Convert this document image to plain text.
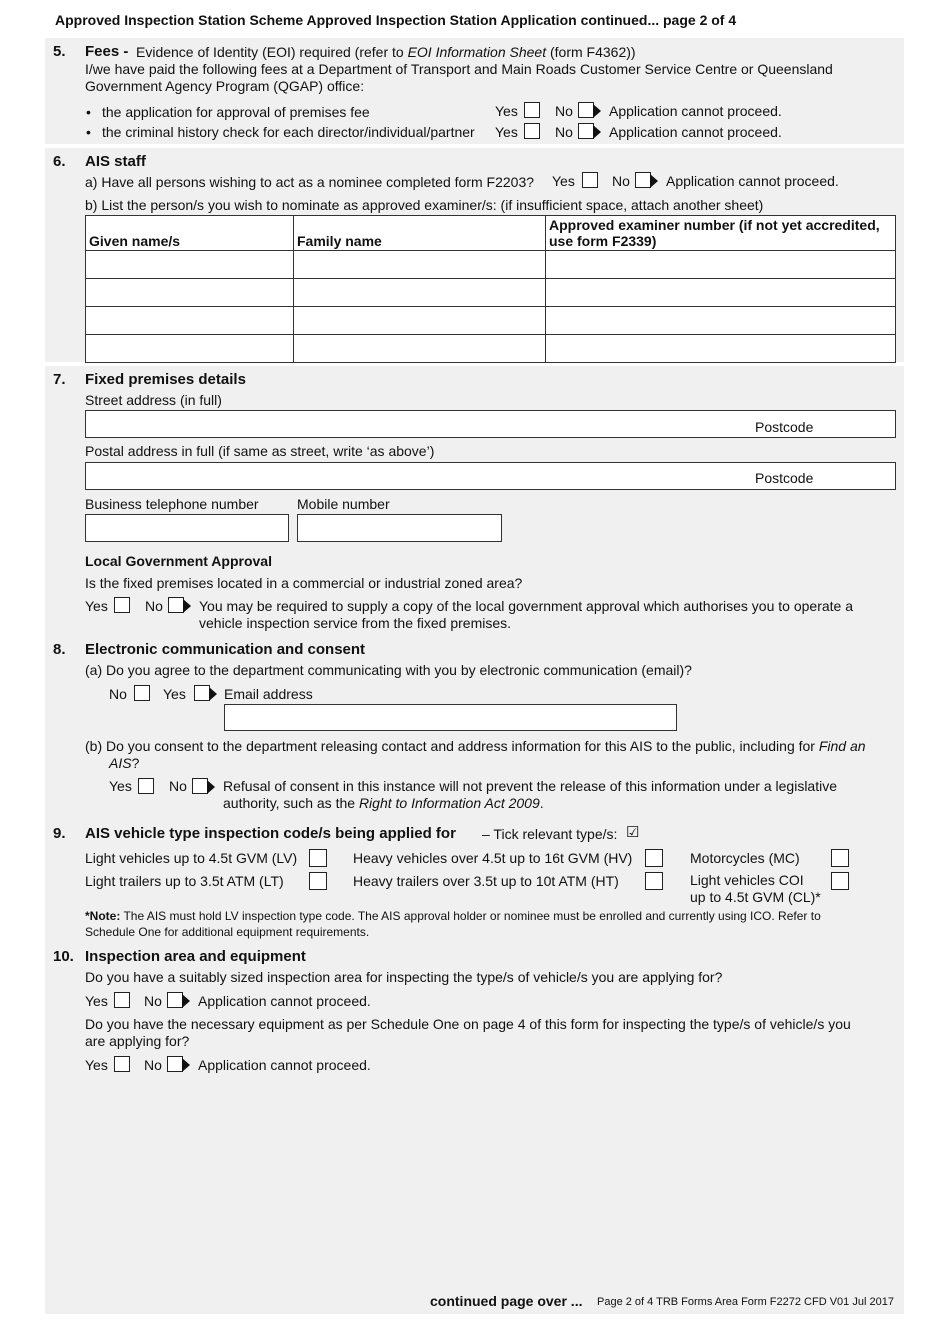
Approved Inspection Station Scheme Approved Inspection Station Application continued... page 2 of 4
5. Fees - Evidence of Identity (EOI) required (refer to EOI Information Sheet (form F4362))
I/we have paid the following fees at a Department of Transport and Main Roads Customer Service Centre or Queensland
Government Agency Program (QGAP) office:
• the application for approval of premises fee	Yes	No	Application cannot proceed.
• the criminal history check for each director/individual/partner Yes	No	Application cannot proceed.
6. AIS staff
a) Have all persons wishing to act as a nominee completed form F2203? Yes	No	Application cannot proceed.
b) List the person/s you wish to nominate as approved examiner/s: (if insufficient space, attach another sheet)
Given name/s	Family name	Approved examiner number (if not yet accredited, use form F2339)

7. Fixed premises details
Street address (in full)
Postcode
Postal address in full (if same as street, write ‘as above’)
Postcode
Business telephone number	Mobile number
Local Government Approval
Is the fixed premises located in a commercial or industrial zoned area?
Yes	No	You may be required to supply a copy of the local government approval which authorises you to operate a
vehicle inspection service from the fixed premises.
8. Electronic communication and consent
(a) Do you agree to the department communicating with you by electronic communication (email)?
No	Yes	Email address
(b) Do you consent to the department releasing contact and address information for this AIS to the public, including for Find an
AIS?
Yes	No	Refusal of consent in this instance will not prevent the release of this information under a legislative
authority, such as the Right to Information Act 2009.
9. AIS vehicle type inspection code/s being applied for – Tick relevant type/s: ☑
Light vehicles up to 4.5t GVM (LV)	Heavy vehicles over 4.5t up to 16t GVM (HV)	Motorcycles (MC)
Light trailers up to 3.5t ATM (LT)	Heavy trailers over 3.5t up to 10t ATM (HT)	Light vehicles COI
up to 4.5t GVM (CL)*
*Note: The AIS must hold LV inspection type code. The AIS approval holder or nominee must be enrolled and currently using ICO. Refer to
Schedule One for additional equipment requirements.
10. Inspection area and equipment
Do you have a suitably sized inspection area for inspecting the type/s of vehicle/s you are applying for?
Yes	No	Application cannot proceed.
Do you have the necessary equipment as per Schedule One on page 4 of this form for inspecting the type/s of vehicle/s you
are applying for?
Yes	No	Application cannot proceed.
continued page over ... Page 2 of 4 TRB Forms Area Form F2272 CFD V01 Jul 2017
